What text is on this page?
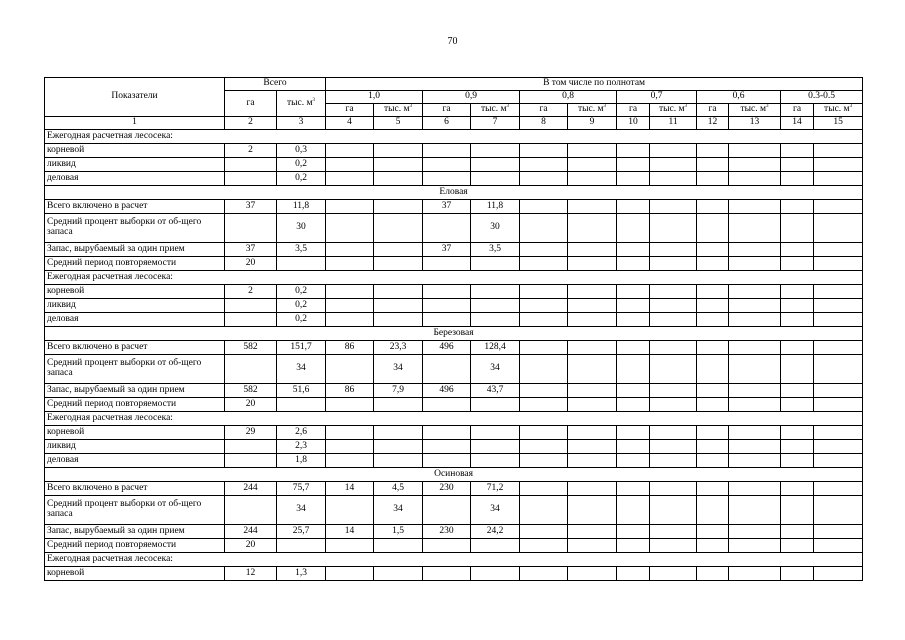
70
Показатели	Всего		В том числе по полнотам											
	га	тыс. $м^3$	1,0		0,9		0,8		0,7		0,6		0.3-0.5	
			га	тыс. $м^3$	га	тыс. $м^3$	га	тыс. $м^3$	га	тыс. $м^3$	га	тыс. $м^3$	га	тыс. $м^3$
1	2	3	4	5	6	7	8	9	10	11	12	13	14	15
Ежегодная расчетная лесосека:														
корневой	2	0,3												
ликвид		0,2												
деловая		0,2												
Еловая														
Всего включено в расчет	37	11,8			37	11,8								
Средний процент выборки от об-щего запаса		30				30								
Запас, вырубаемый за один прием	37	3,5			37	3,5								
Средний период повторяемости	20													
Ежегодная расчетная лесосека:														
корневой	2	0,2												
ликвид		0,2												
деловая		0,2												
Березовая														
Всего включено в расчет	582	151,7	86	23,3	496	128,4								
Средний процент выборки от об-щего запаса		34		34		34								
Запас, вырубаемый за один прием	582	51,6	86	7,9	496	43,7								
Средний период повторяемости	20													
Ежегодная расчетная лесосека:														
корневой	29	2,6												
ликвид		2,3												
деловая		1,8												
Осиновая														
Всего включено в расчет	244	75,7	14	4,5	230	71,2								
Средний процент выборки от об-щего запаса		34		34		34								
Запас, вырубаемый за один прием	244	25,7	14	1,5	230	24,2								
Средний период повторяемости	20													
Ежегодная расчетная лесосека:														
корневой	12	1,3												
